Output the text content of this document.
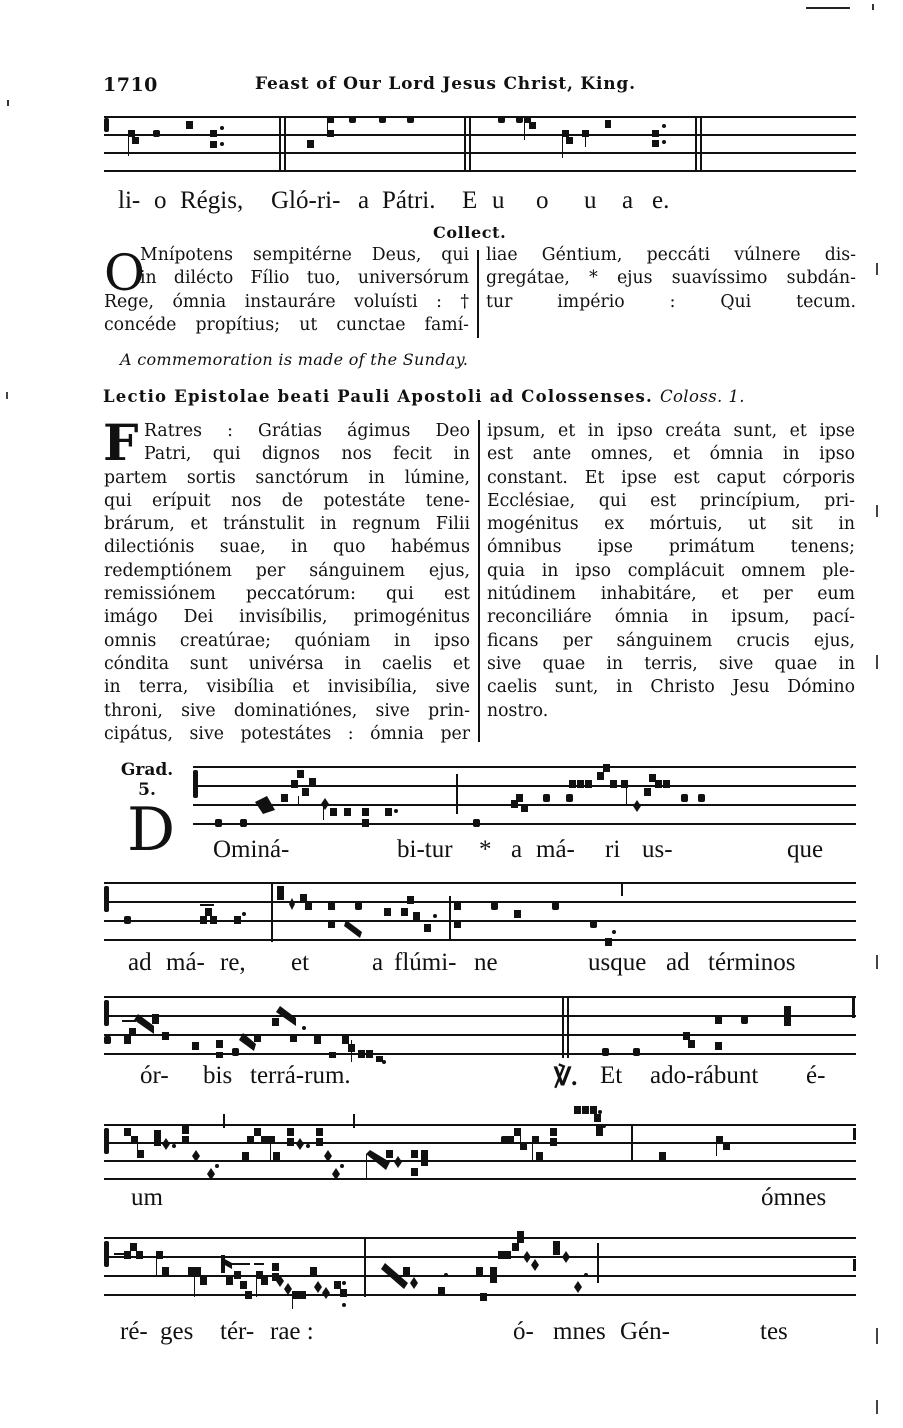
1710	Feast of Our Lord Jesus Christ, King.
li- o Régis, Gló-ri- a Pátri. E u o u a e.
Collect.
O
Mnípotens sempitérne Deus, qui
in dilécto Fílio tuo, universórum
Rege, ómnia instauráre voluísti : †
concéde propítius; ut cunctae famí-
liae Géntium, peccáti vúlnere dis-
gregátae, * ejus suavíssimo subdán-
tur império : Qui tecum.
A commemoration is made of the Sunday.
Lectio Epistolae beati Pauli Apostoli ad Colossenses. Coloss. 1.
F Ratres : Grátias ágimus Deo
Patri, qui dignos nos fecit in
partem sortis sanctórum in lúmine,
qui erípuit nos de potestáte tene-
brárum, et tránstulit in regnum Filii
dilectiónis suae, in quo habémus
redemptiónem per sánguinem ejus,
remissiónem peccatórum: qui est
imágo Dei invisíbilis, primogénitus
omnis creatúrae; quóniam in ipso
cóndita sunt univérsa in caelis et
in terra, visibília et invisibília, sive
throni, sive dominatiónes, sive prin-
cipátus, sive potestátes : ómnia per
ipsum, et in ipso creáta sunt, et ipse
est ante omnes, et ómnia in ipso
constant. Et ipse est caput córporis
Ecclésiae, qui est princípium, pri-
mogénitus ex mórtuis, ut sit in
ómnibus ipse primátum tenens;
quia in ipso complácuit omnem ple-
nitúdinem inhabitáre, et per eum
reconciliáre ómnia in ipsum, pací-
ficans per sánguinem crucis ejus,
sive quae in terris, sive quae in
caelis sunt, in Christo Jesu Dómino
nostro.
Grad.
5.
D Ominá-	bi-tur * a má- ri us-	que
ad má- re, et	a flúmi- ne	usque ad términos
ór- bis terrá-rum.	℣. Et ado-rábunt é-
um	ómnes
ré- ges tér- rae :	ó- mnes Gén-	tes
